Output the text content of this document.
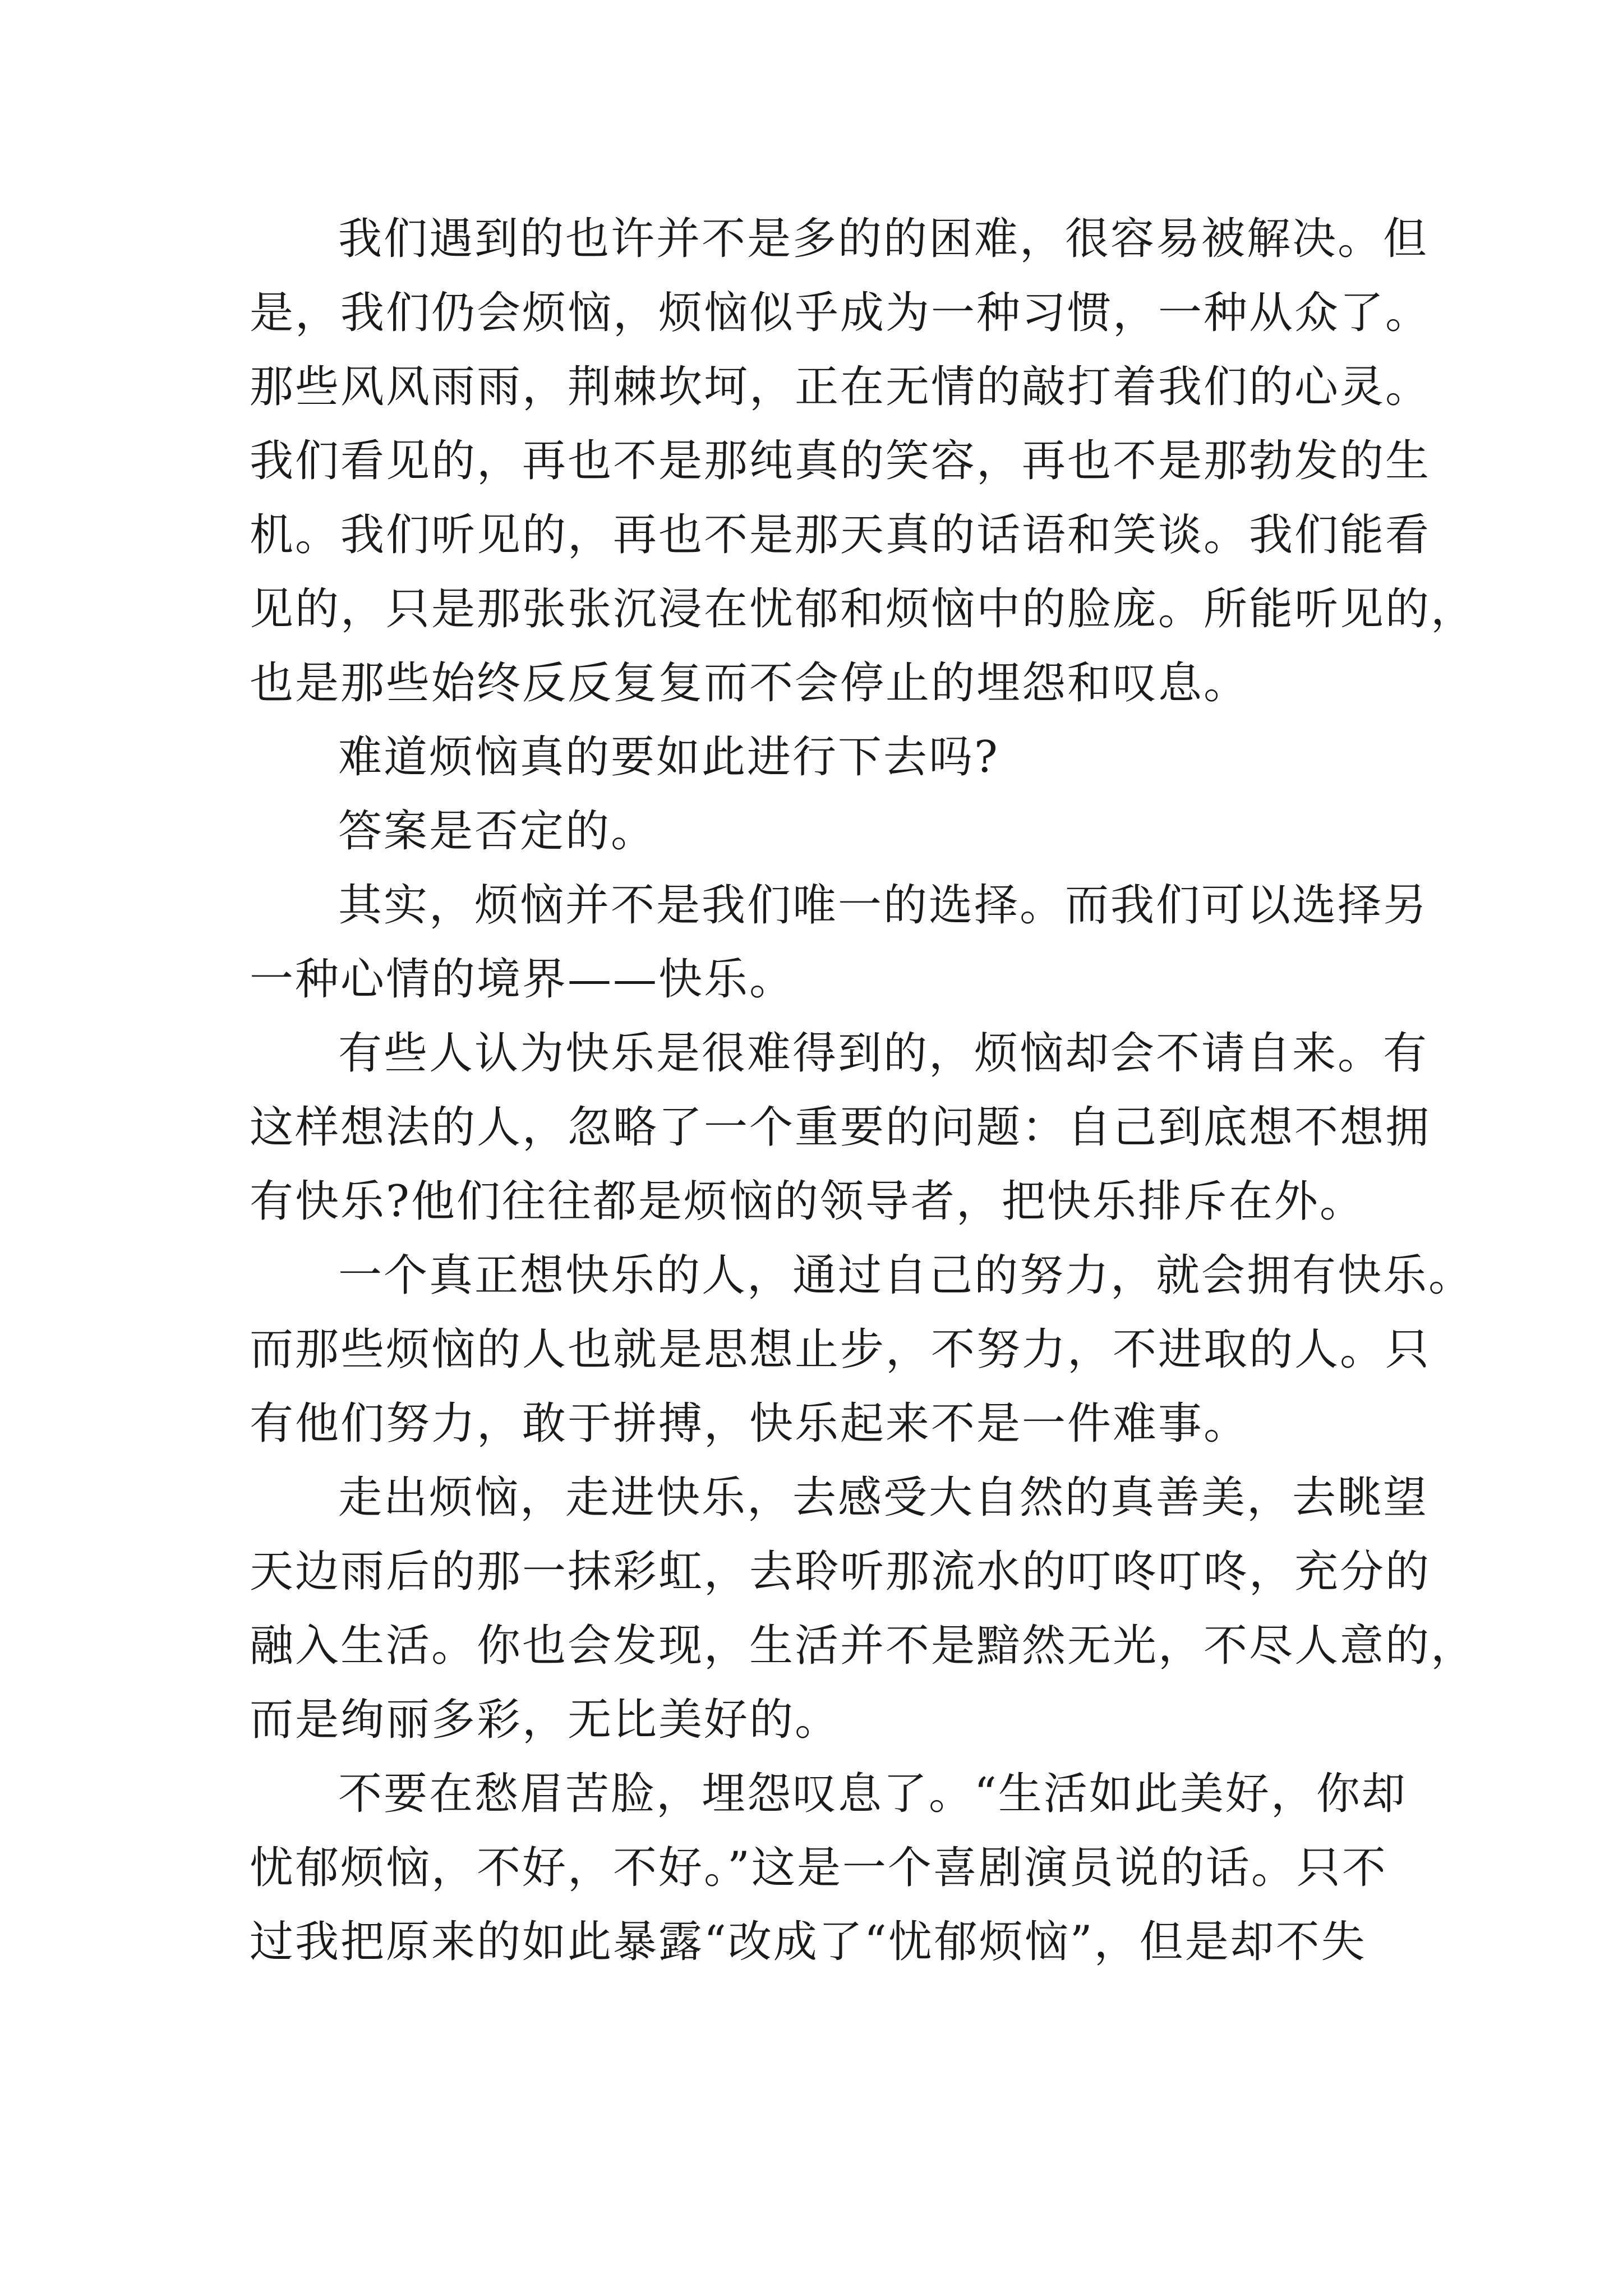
我们遇到的也许并不是多的的困难，很容易被解决。但
是，我们仍会烦恼，烦恼似乎成为一种习惯，一种从众了。
那些风风雨雨，荆棘坎坷，正在无情的敲打着我们的心灵。
我们看见的，再也不是那纯真的笑容，再也不是那勃发的生
机。我们听见的，再也不是那天真的话语和笑谈。我们能看
见的，只是那张张沉浸在忧郁和烦恼中的脸庞。所能听见的，
也是那些始终反反复复而不会停止的埋怨和叹息。
难道烦恼真的要如此进行下去吗?
答案是否定的。
其实，烦恼并不是我们唯一的选择。而我们可以选择另
一种心情的境界——快乐。
有些人认为快乐是很难得到的，烦恼却会不请自来。有
这样想法的人，忽略了一个重要的问题：自己到底想不想拥
有快乐?他们往往都是烦恼的领导者，把快乐排斥在外。
一个真正想快乐的人，通过自己的努力，就会拥有快乐。
而那些烦恼的人也就是思想止步，不努力，不进取的人。只
有他们努力，敢于拼搏，快乐起来不是一件难事。
走出烦恼，走进快乐，去感受大自然的真善美，去眺望
天边雨后的那一抹彩虹，去聆听那流水的叮咚叮咚，充分的
融入生活。你也会发现，生活并不是黯然无光，不尽人意的，
而是绚丽多彩，无比美好的。
不要在愁眉苦脸，埋怨叹息了。“生活如此美好，你却
忧郁烦恼，不好，不好。”这是一个喜剧演员说的话。只不
过我把原来的如此暴露“改成了“忧郁烦恼”，但是却不失
